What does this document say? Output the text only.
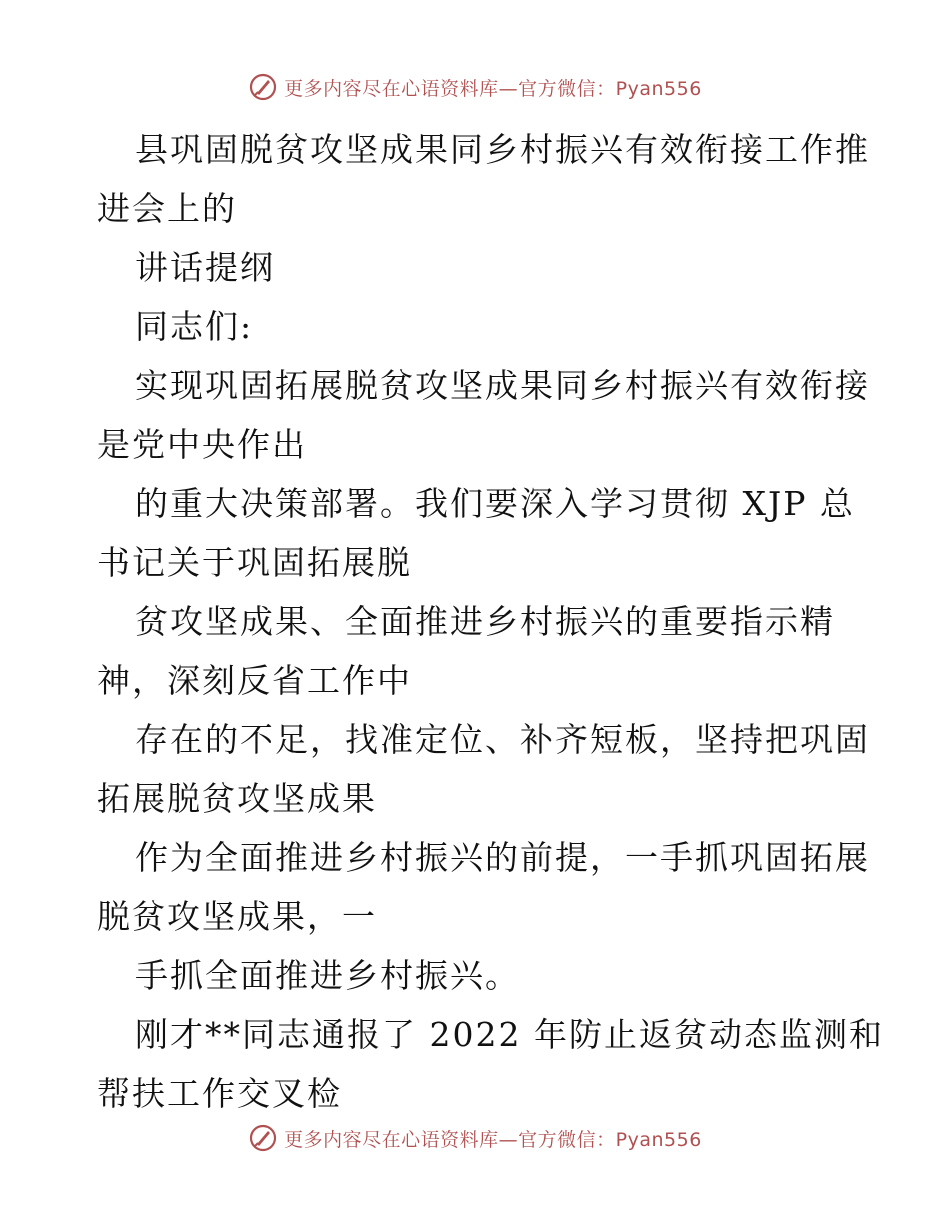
更多内容尽在心语资料库—官方微信：Pyan556
县巩固脱贫攻坚成果同乡村振兴有效衔接工作推
进会上的
讲话提纲
同志们:
实现巩固拓展脱贫攻坚成果同乡村振兴有效衔接
是党中央作出
的重大决策部署。我们要深入学习贯彻 XJP 总
书记关于巩固拓展脱
贫攻坚成果、全面推进乡村振兴的重要指示精
神，深刻反省工作中
存在的不足，找准定位、补齐短板，坚持把巩固
拓展脱贫攻坚成果
作为全面推进乡村振兴的前提，一手抓巩固拓展
脱贫攻坚成果，一
手抓全面推进乡村振兴。
刚才**同志通报了 2022 年防止返贫动态监测和
帮扶工作交叉检
更多内容尽在心语资料库—官方微信：Pyan556
